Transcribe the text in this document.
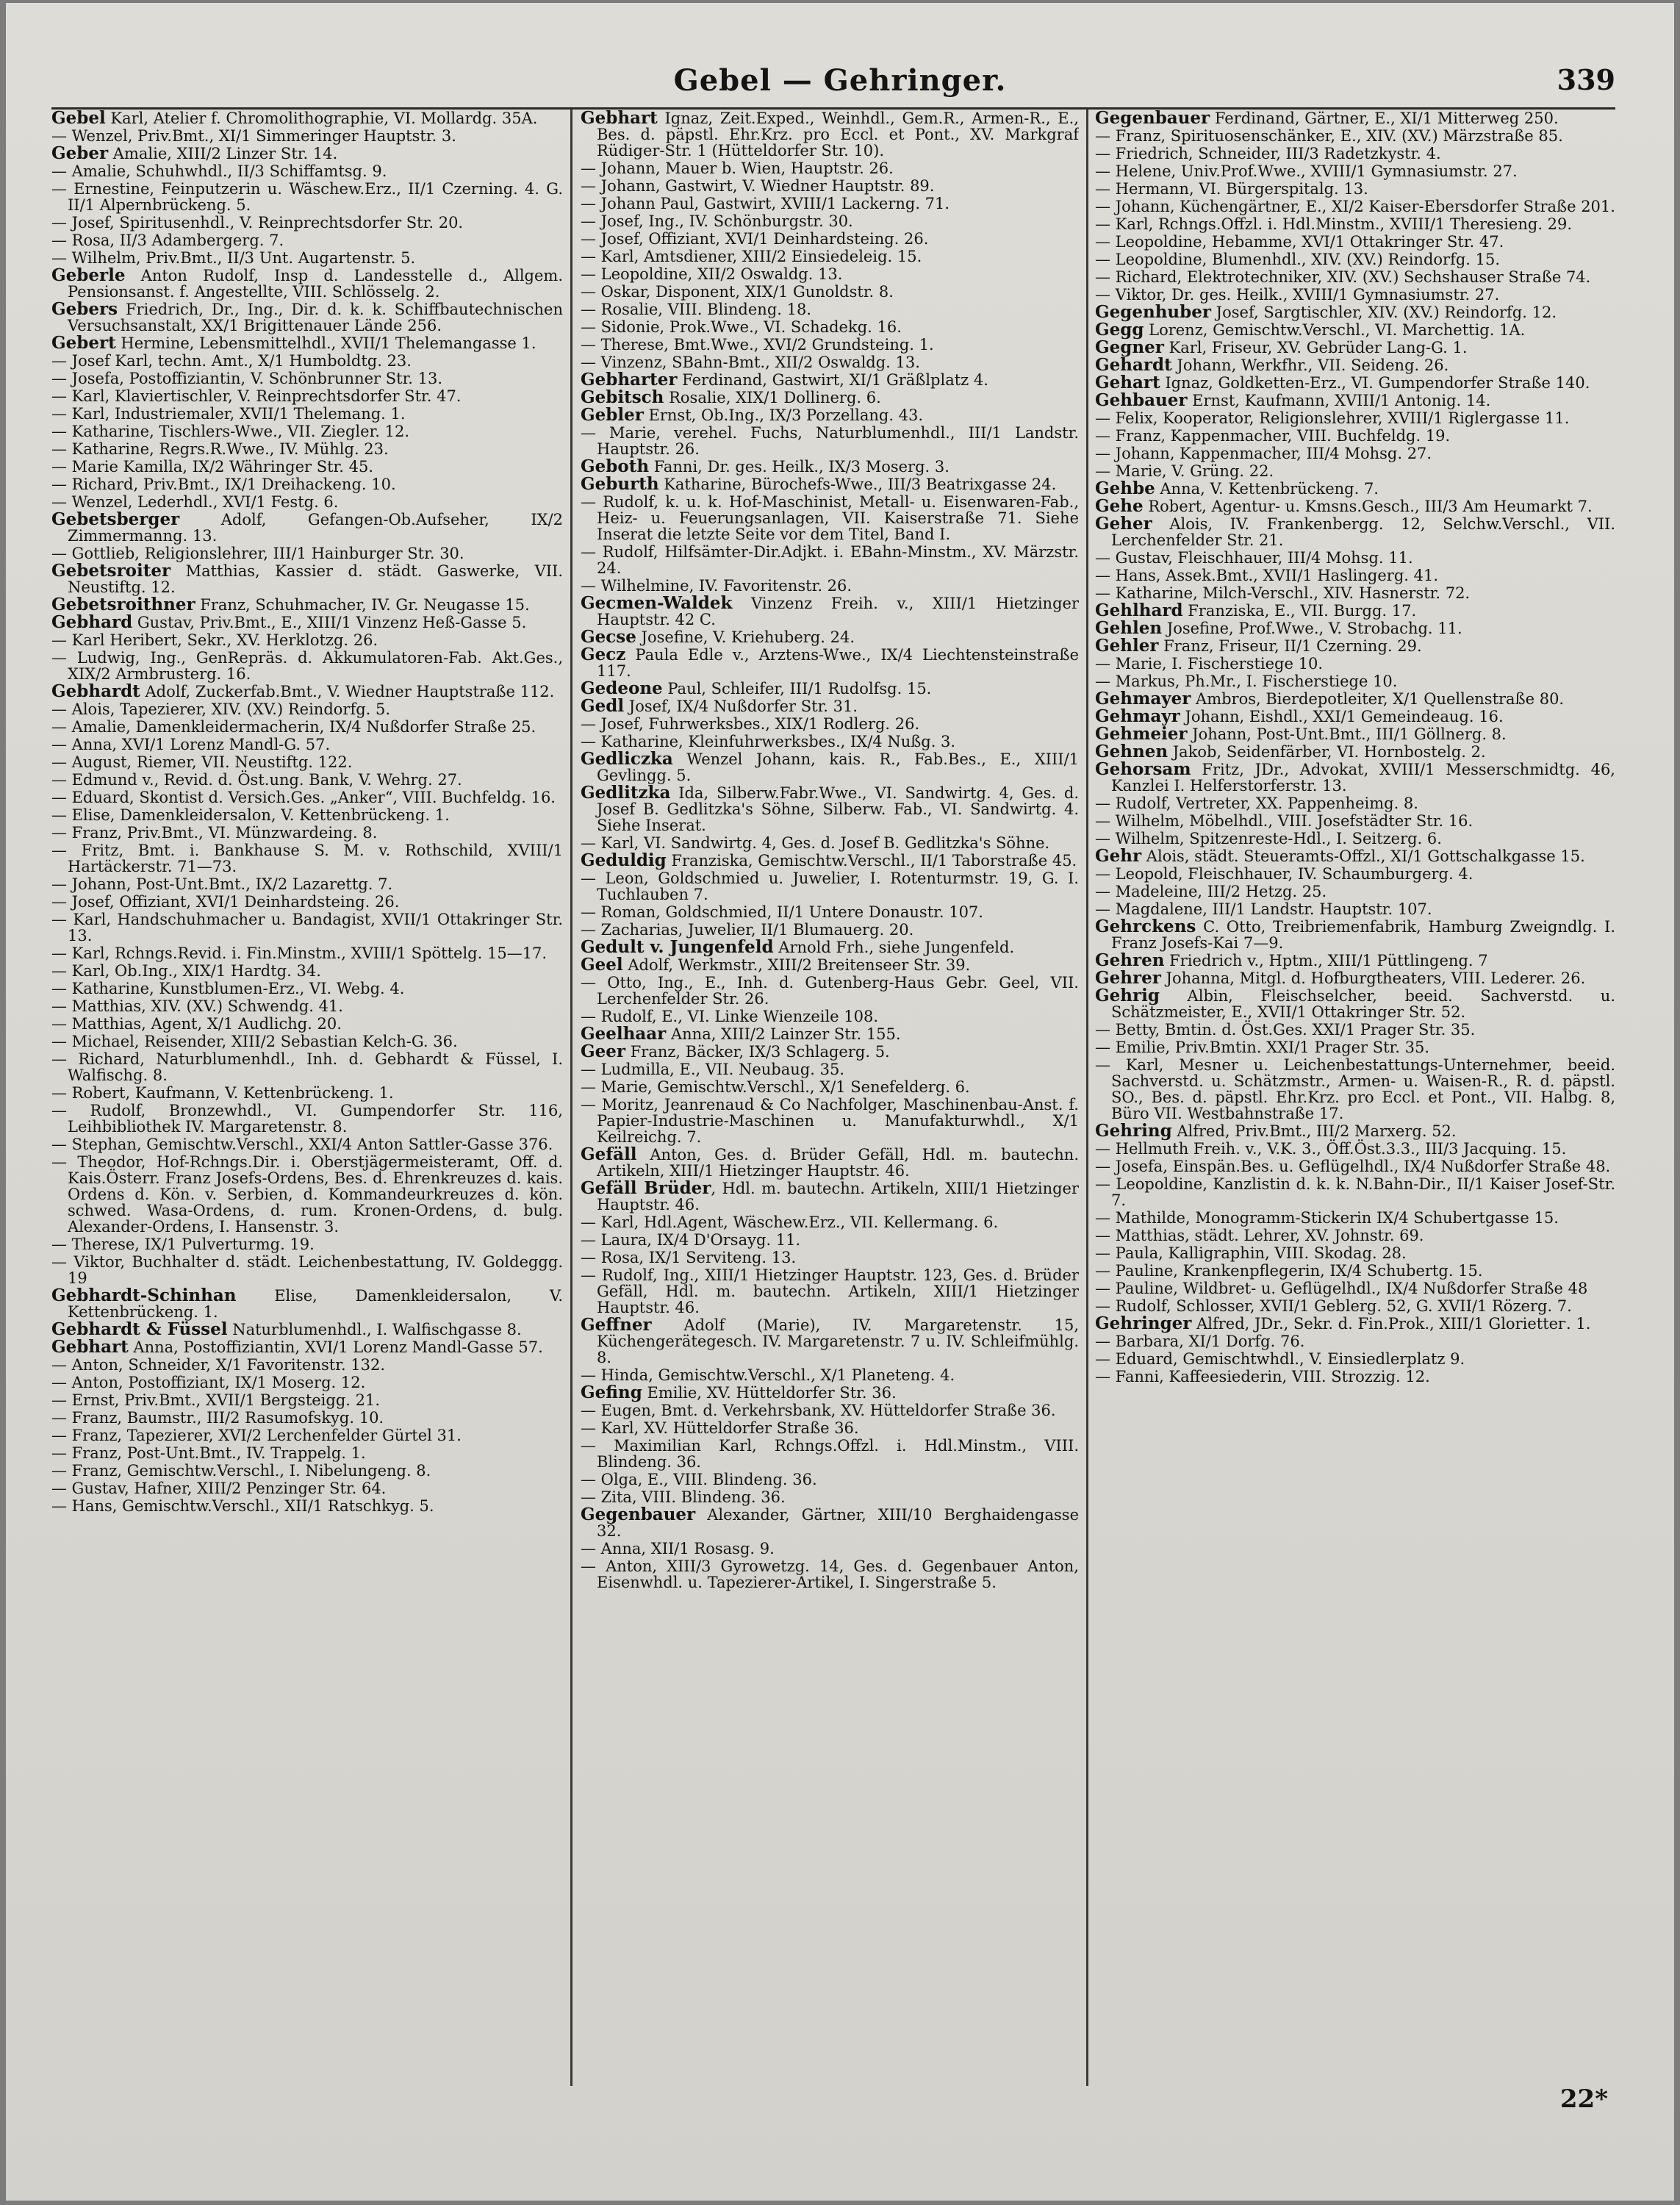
Gebel — Gehringer.	339
Gebel Karl, Atelier f. Chromolithographie, VI. Mollardg. 35A.
— Wenzel, Priv.Bmt., XI/1 Simmeringer Hauptstr. 3.
Geber Amalie, XIII/2 Linzer Str. 14.
— Amalie, Schuhwhdl., II/3 Schiffamtsg. 9.
— Ernestine, Feinputzerin u. Wäschew.Erz., II/1 Czerning. 4. G. II/1 Alpernbrückeng. 5.
— Josef, Spiritusenhdl., V. Reinprechtsdorfer Str. 20.
— Rosa, II/3 Adambergerg. 7.
— Wilhelm, Priv.Bmt., II/3 Unt. Augartenstr. 5.
Geberle Anton Rudolf, Insp d. Landesstelle d., Allgem. Pensionsanst. f. Angestellte, VIII. Schlösselg. 2.
Gebers Friedrich, Dr., Ing., Dir. d. k. k. Schiffbautechnischen Versuchsanstalt, XX/1 Brigittenauer Lände 256.
Gebert Hermine, Lebensmittelhdl., XVII/1 Thelemangasse 1.
— Josef Karl, techn. Amt., X/1 Humboldtg. 23.
— Josefa, Postoffiziantin, V. Schönbrunner Str. 13.
— Karl, Klaviertischler, V. Reinprechtsdorfer Str. 47.
— Karl, Industriemaler, XVII/1 Thelemang. 1.
— Katharine, Tischlers-Wwe., VII. Ziegler. 12.
— Katharine, Regrs.R.Wwe., IV. Mühlg. 23.
— Marie Kamilla, IX/2 Währinger Str. 45.
— Richard, Priv.Bmt., IX/1 Dreihackeng. 10.
— Wenzel, Lederhdl., XVI/1 Festg. 6.
Gebetsberger Adolf, Gefangen-Ob.Aufseher, IX/2 Zimmermanng. 13.
— Gottlieb, Religionslehrer, III/1 Hainburger Str. 30.
Gebetsroiter Matthias, Kassier d. städt. Gaswerke, VII. Neustiftg. 12.
Gebetsroithner Franz, Schuhmacher, IV. Gr. Neugasse 15.
Gebhard Gustav, Priv.Bmt., E., XIII/1 Vinzenz Heß-Gasse 5.
— Karl Heribert, Sekr., XV. Herklotzg. 26.
— Ludwig, Ing., GenRepräs. d. Akkumulatoren-Fab. Akt.Ges., XIX/2 Armbrusterg. 16.
Gebhardt Adolf, Zuckerfab.Bmt., V. Wiedner Hauptstraße 112.
— Alois, Tapezierer, XIV. (XV.) Reindorfg. 5.
— Amalie, Damenkleidermacherin, IX/4 Nußdorfer Straße 25.
— Anna, XVI/1 Lorenz Mandl-G. 57.
— August, Riemer, VII. Neustiftg. 122.
— Edmund v., Revid. d. Öst.ung. Bank, V. Wehrg. 27.
— Eduard, Skontist d. Versich.Ges. „Anker“, VIII. Buchfeldg. 16.
— Elise, Damenkleidersalon, V. Kettenbrückeng. 1.
— Franz, Priv.Bmt., VI. Münzwardeing. 8.
— Fritz, Bmt. i. Bankhause S. M. v. Rothschild, XVIII/1 Hartäckerstr. 71—73.
— Johann, Post-Unt.Bmt., IX/2 Lazarettg. 7.
— Josef, Offiziant, XVI/1 Deinhardsteing. 26.
— Karl, Handschuhmacher u. Bandagist, XVII/1 Ottakringer Str. 13.
— Karl, Rchngs.Revid. i. Fin.Minstm., XVIII/1 Spöttelg. 15—17.
— Karl, Ob.Ing., XIX/1 Hardtg. 34.
— Katharine, Kunstblumen-Erz., VI. Webg. 4.
— Matthias, XIV. (XV.) Schwendg. 41.
— Matthias, Agent, X/1 Audlichg. 20.
— Michael, Reisender, XIII/2 Sebastian Kelch-G. 36.
— Richard, Naturblumenhdl., Inh. d. Gebhardt & Füssel, I. Walfischg. 8.
— Robert, Kaufmann, V. Kettenbrückeng. 1.
— Rudolf, Bronzewhdl., VI. Gumpendorfer Str. 116, Leihbibliothek IV. Margaretenstr. 8.
— Stephan, Gemischtw.Verschl., XXI/4 Anton Sattler-Gasse 376.
— Theodor, Hof-Rchngs.Dir. i. Oberstjägermeisteramt, Off. d. Kais.Österr. Franz Josefs-Ordens, Bes. d. Ehrenkreuzes d. kais. Ordens d. Kön. v. Serbien, d. Kommandeurkreuzes d. kön. schwed. Wasa-Ordens, d. rum. Kronen-Ordens, d. bulg. Alexander-Ordens, I. Hansenstr. 3.
— Therese, IX/1 Pulverturmg. 19.
— Viktor, Buchhalter d. städt. Leichenbestattung, IV. Goldeggg. 19
Gebhardt-Schinhan Elise, Damenkleidersalon, V. Kettenbrückeng. 1.
Gebhardt & Füssel Naturblumenhdl., I. Walfischgasse 8.
Gebhart Anna, Postoffiziantin, XVI/1 Lorenz Mandl-Gasse 57.
— Anton, Schneider, X/1 Favoritenstr. 132.
— Anton, Postoffiziant, IX/1 Moserg. 12.
— Ernst, Priv.Bmt., XVII/1 Bergsteigg. 21.
— Franz, Baumstr., III/2 Rasumofskyg. 10.
— Franz, Tapezierer, XVI/2 Lerchenfelder Gürtel 31.
— Franz, Post-Unt.Bmt., IV. Trappelg. 1.
— Franz, Gemischtw.Verschl., I. Nibelungeng. 8.
— Gustav, Hafner, XIII/2 Penzinger Str. 64.
— Hans, Gemischtw.Verschl., XII/1 Ratschkyg. 5.
Gebhart Ignaz, Zeit.Exped., Weinhdl., Gem.R., Armen-R., E., Bes. d. päpstl. Ehr.Krz. pro Eccl. et Pont., XV. Markgraf Rüdiger-Str. 1 (Hütteldorfer Str. 10).
— Johann, Mauer b. Wien, Hauptstr. 26.
— Johann, Gastwirt, V. Wiedner Hauptstr. 89.
— Johann Paul, Gastwirt, XVIII/1 Lackerng. 71.
— Josef, Ing., IV. Schönburgstr. 30.
— Josef, Offiziant, XVI/1 Deinhardsteing. 26.
— Karl, Amtsdiener, XIII/2 Einsiedeleig. 15.
— Leopoldine, XII/2 Oswaldg. 13.
— Oskar, Disponent, XIX/1 Gunoldstr. 8.
— Rosalie, VIII. Blindeng. 18.
— Sidonie, Prok.Wwe., VI. Schadekg. 16.
— Therese, Bmt.Wwe., XVI/2 Grundsteing. 1.
— Vinzenz, SBahn-Bmt., XII/2 Oswaldg. 13.
Gebharter Ferdinand, Gastwirt, XI/1 Gräßlplatz 4.
Gebitsch Rosalie, XIX/1 Dollinerg. 6.
Gebler Ernst, Ob.Ing., IX/3 Porzellang. 43.
— Marie, verehel. Fuchs, Naturblumenhdl., III/1 Landstr. Hauptstr. 26.
Geboth Fanni, Dr. ges. Heilk., IX/3 Moserg. 3.
Geburth Katharine, Bürochefs-Wwe., III/3 Beatrixgasse 24.
— Rudolf, k. u. k. Hof-Maschinist, Metall- u. Eisenwaren-Fab., Heiz- u. Feuerungsanlagen, VII. Kaiserstraße 71. Siehe Inserat die letzte Seite vor dem Titel, Band I.
— Rudolf, Hilfsämter-Dir.Adjkt. i. EBahn-Minstm., XV. Märzstr. 24.
— Wilhelmine, IV. Favoritenstr. 26.
Gecmen-Waldek Vinzenz Freih. v., XIII/1 Hietzinger Hauptstr. 42 C.
Gecse Josefine, V. Kriehuberg. 24.
Gecz Paula Edle v., Arztens-Wwe., IX/4 Liechtensteinstraße 117.
Gedeone Paul, Schleifer, III/1 Rudolfsg. 15.
Gedl Josef, IX/4 Nußdorfer Str. 31.
— Josef, Fuhrwerksbes., XIX/1 Rodlerg. 26.
— Katharine, Kleinfuhrwerksbes., IX/4 Nußg. 3.
Gedliczka Wenzel Johann, kais. R., Fab.Bes., E., XIII/1 Gevlingg. 5.
Gedlitzka Ida, Silberw.Fabr.Wwe., VI. Sandwirtg. 4, Ges. d. Josef B. Gedlitzka's Söhne, Silberw. Fab., VI. Sandwirtg. 4. Siehe Inserat.
— Karl, VI. Sandwirtg. 4, Ges. d. Josef B. Gedlitzka's Söhne.
Geduldig Franziska, Gemischtw.Verschl., II/1 Taborstraße 45.
— Leon, Goldschmied u. Juwelier, I. Rotenturmstr. 19, G. I. Tuchlauben 7.
— Roman, Goldschmied, II/1 Untere Donaustr. 107.
— Zacharias, Juwelier, II/1 Blumauerg. 20.
Gedult v. Jungenfeld Arnold Frh., siehe Jungenfeld.
Geel Adolf, Werkmstr., XIII/2 Breitenseer Str. 39.
— Otto, Ing., E., Inh. d. Gutenberg-Haus Gebr. Geel, VII. Lerchenfelder Str. 26.
— Rudolf, E., VI. Linke Wienzeile 108.
Geelhaar Anna, XIII/2 Lainzer Str. 155.
Geer Franz, Bäcker, IX/3 Schlagerg. 5.
— Ludmilla, E., VII. Neubaug. 35.
— Marie, Gemischtw.Verschl., X/1 Senefelderg. 6.
— Moritz, Jeanrenaud & Co Nachfolger, Maschinenbau-Anst. f. Papier-Industrie-Maschinen u. Manufakturwhdl., X/1 Keilreichg. 7.
Gefäll Anton, Ges. d. Brüder Gefäll, Hdl. m. bautechn. Artikeln, XIII/1 Hietzinger Hauptstr. 46.
Gefäll Brüder, Hdl. m. bautechn. Artikeln, XIII/1 Hietzinger Hauptstr. 46.
— Karl, Hdl.Agent, Wäschew.Erz., VII. Kellermang. 6.
— Laura, IX/4 D'Orsayg. 11.
— Rosa, IX/1 Serviteng. 13.
— Rudolf, Ing., XIII/1 Hietzinger Hauptstr. 123, Ges. d. Brüder Gefäll, Hdl. m. bautechn. Artikeln, XIII/1 Hietzinger Hauptstr. 46.
Geffner Adolf (Marie), IV. Margaretenstr. 15, Küchengerätegesch. IV. Margaretenstr. 7 u. IV. Schleifmühlg. 8.
— Hinda, Gemischtw.Verschl., X/1 Planeteng. 4.
Gefing Emilie, XV. Hütteldorfer Str. 36.
— Eugen, Bmt. d. Verkehrsbank, XV. Hütteldorfer Straße 36.
— Karl, XV. Hütteldorfer Straße 36.
— Maximilian Karl, Rchngs.Offzl. i. Hdl.Minstm., VIII. Blindeng. 36.
— Olga, E., VIII. Blindeng. 36.
— Zita, VIII. Blindeng. 36.
Gegenbauer Alexander, Gärtner, XIII/10 Berghaidengasse 32.
— Anna, XII/1 Rosasg. 9.
— Anton, XIII/3 Gyrowetzg. 14, Ges. d. Gegenbauer Anton, Eisenwhdl. u. Tapezierer-Artikel, I. Singerstraße 5.
Gegenbauer Ferdinand, Gärtner, E., XI/1 Mitterweg 250.
— Franz, Spirituosenschänker, E., XIV. (XV.) Märzstraße 85.
— Friedrich, Schneider, III/3 Radetzkystr. 4.
— Helene, Univ.Prof.Wwe., XVIII/1 Gymnasiumstr. 27.
— Hermann, VI. Bürgerspitalg. 13.
— Johann, Küchengärtner, E., XI/2 Kaiser-Ebersdorfer Straße 201.
— Karl, Rchngs.Offzl. i. Hdl.Minstm., XVIII/1 Theresieng. 29.
— Leopoldine, Hebamme, XVI/1 Ottakringer Str. 47.
— Leopoldine, Blumenhdl., XIV. (XV.) Reindorfg. 15.
— Richard, Elektrotechniker, XIV. (XV.) Sechshauser Straße 74.
— Viktor, Dr. ges. Heilk., XVIII/1 Gymnasiumstr. 27.
Gegenhuber Josef, Sargtischler, XIV. (XV.) Reindorfg. 12.
Gegg Lorenz, Gemischtw.Verschl., VI. Marchettig. 1A.
Gegner Karl, Friseur, XV. Gebrüder Lang-G. 1.
Gehardt Johann, Werkfhr., VII. Seideng. 26.
Gehart Ignaz, Goldketten-Erz., VI. Gumpendorfer Straße 140.
Gehbauer Ernst, Kaufmann, XVIII/1 Antonig. 14.
— Felix, Kooperator, Religionslehrer, XVIII/1 Riglergasse 11.
— Franz, Kappenmacher, VIII. Buchfeldg. 19.
— Johann, Kappenmacher, III/4 Mohsg. 27.
— Marie, V. Grüng. 22.
Gehbe Anna, V. Kettenbrückeng. 7.
Gehe Robert, Agentur- u. Kmsns.Gesch., III/3 Am Heumarkt 7.
Geher Alois, IV. Frankenbergg. 12, Selchw.Verschl., VII. Lerchenfelder Str. 21.
— Gustav, Fleischhauer, III/4 Mohsg. 11.
— Hans, Assek.Bmt., XVII/1 Haslingerg. 41.
— Katharine, Milch-Verschl., XIV. Hasnerstr. 72.
Gehlhard Franziska, E., VII. Burgg. 17.
Gehlen Josefine, Prof.Wwe., V. Strobachg. 11.
Gehler Franz, Friseur, II/1 Czerning. 29.
— Marie, I. Fischerstiege 10.
— Markus, Ph.Mr., I. Fischerstiege 10.
Gehmayer Ambros, Bierdepotleiter, X/1 Quellenstraße 80.
Gehmayr Johann, Eishdl., XXI/1 Gemeindeaug. 16.
Gehmeier Johann, Post-Unt.Bmt., III/1 Göllnerg. 8.
Gehnen Jakob, Seidenfärber, VI. Hornbostelg. 2.
Gehorsam Fritz, JDr., Advokat, XVIII/1 Messerschmidtg. 46, Kanzlei I. Helferstorferstr. 13.
— Rudolf, Vertreter, XX. Pappenheimg. 8.
— Wilhelm, Möbelhdl., VIII. Josefstädter Str. 16.
— Wilhelm, Spitzenreste-Hdl., I. Seitzerg. 6.
Gehr Alois, städt. Steueramts-Offzl., XI/1 Gottschalkgasse 15.
— Leopold, Fleischhauer, IV. Schaumburgerg. 4.
— Madeleine, III/2 Hetzg. 25.
— Magdalene, III/1 Landstr. Hauptstr. 107.
Gehrckens C. Otto, Treibriemenfabrik, Hamburg Zweigndlg. I. Franz Josefs-Kai 7—9.
Gehren Friedrich v., Hptm., XIII/1 Püttlingeng. 7
Gehrer Johanna, Mitgl. d. Hofburgtheaters, VIII. Lederer. 26.
Gehrig Albin, Fleischselcher, beeid. Sachverstd. u. Schätzmeister, E., XVII/1 Ottakringer Str. 52.
— Betty, Bmtin. d. Öst.Ges. XXI/1 Prager Str. 35.
— Emilie, Priv.Bmtin. XXI/1 Prager Str. 35.
— Karl, Mesner u. Leichenbestattungs-Unternehmer, beeid. Sachverstd. u. Schätzmstr., Armen- u. Waisen-R., R. d. päpstl. SO., Bes. d. päpstl. Ehr.Krz. pro Eccl. et Pont., VII. Halbg. 8, Büro VII. Westbahnstraße 17.
Gehring Alfred, Priv.Bmt., III/2 Marxerg. 52.
— Hellmuth Freih. v., V.K. 3., Öff.Öst.3.3., III/3 Jacquing. 15.
— Josefa, Einspän.Bes. u. Geflügelhdl., IX/4 Nußdorfer Straße 48.
— Leopoldine, Kanzlistin d. k. k. N.Bahn-Dir., II/1 Kaiser Josef-Str. 7.
— Mathilde, Monogramm-Stickerin IX/4 Schubertgasse 15.
— Matthias, städt. Lehrer, XV. Johnstr. 69.
— Paula, Kalligraphin, VIII. Skodag. 28.
— Pauline, Krankenpflegerin, IX/4 Schubertg. 15.
— Pauline, Wildbret- u. Geflügelhdl., IX/4 Nußdorfer Straße 48
— Rudolf, Schlosser, XVII/1 Geblerg. 52, G. XVII/1 Rözerg. 7.
Gehringer Alfred, JDr., Sekr. d. Fin.Prok., XIII/1 Gloriettег. 1.
— Barbara, XI/1 Dorfg. 76.
— Eduard, Gemischtwhdl., V. Einsiedlerplatz 9.
— Fanni, Kaffeesiederin, VIII. Strozzig. 12.
22*
